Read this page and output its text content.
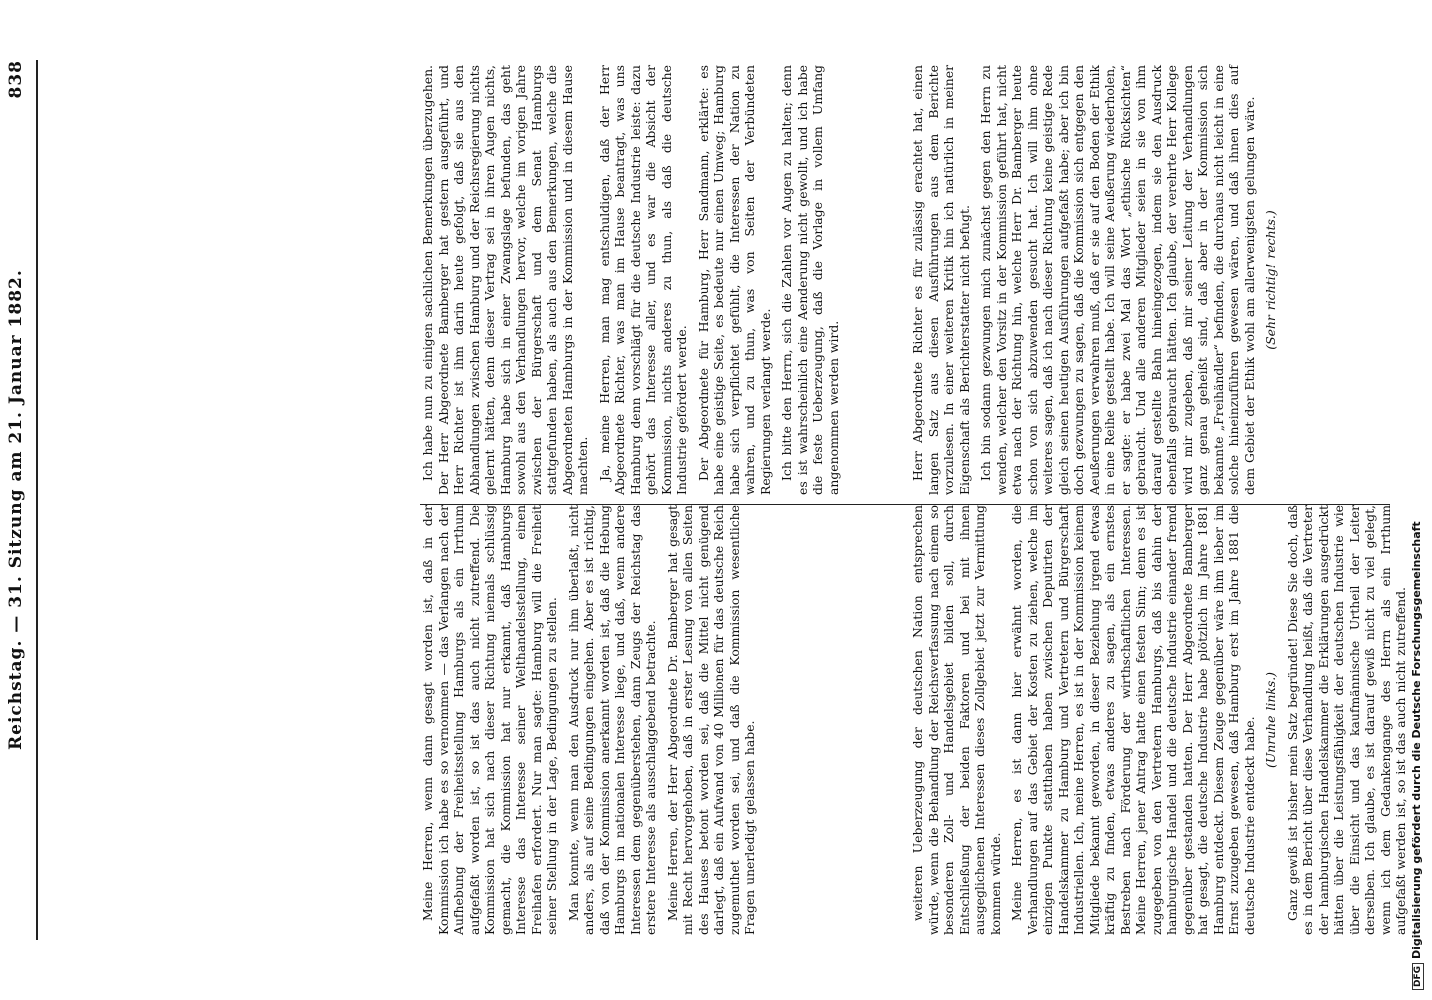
Reichstag. — 31. Sitzung am 21. Januar 1882.
838

weiteren Ueberzeugung der deutschen Nation entsprechen würde, wenn die Behandlung der Reichsverfassung nach einem so besonderen Zoll- und Handelsgebiet bilden soll, durch Entschließung der beiden Faktoren und bei mit ihnen ausgeglichenen Interessen dieses Zollgebiet jetzt zur Vermittlung kommen würde. Meine Herren, es ist dann hier erwähnt worden, die Verhandlungen auf das Gebiet der Kosten zu ziehen, welche im einzigen Punkte statthaben haben zwischen Deputirten der Handelskammer zu Hamburg und Vertretern und Bürgerschaft Industriellen. Ich, meine Herren, es ist in der Kommission keinem Mitgliede bekannt geworden, in dieser Beziehung irgend etwas kräftig zu finden, etwas anderes zu sagen, als ein ernstes Bestreben nach Förderung der wirthschaftlichen Interessen. Meine Herren, jener Antrag hatte einen festen Sinn; denn es ist zugegeben von den Vertretern Hamburgs, daß bis dahin der hamburgische Handel und die deutsche Industrie einander fremd gegenüber gestanden hatten. Der Herr Abgeordnete Bamberger hat gesagt, die deutsche Industrie habe plötzlich im Jahre 1881 Hamburg entdeckt. Diesem Zeuge gegenüber wäre ihm lieber im Ernst zuzugeben gewesen, daß Hamburg erst im Jahre 1881 die deutsche Industrie entdeckt habe. (Unruhe links.) Ganz gewiß ist bisher mein Satz begründet! Diese Sie doch, daß es in dem Bericht über diese Verhandlung heißt, daß die Vertreter der hamburgischen Handelskammer die Erklärungen ausgedrückt hätten über die Leistungsfähigkeit der deutschen Industrie wie über die Einsicht und das kaufmännische Urtheil der Leiter derselben. Ich glaube, es ist darauf gewiß nicht zu viel gelegt, wenn ich dem Gedankengange des Herrn als ein Irrthum aufgefaßt werden ist, so ist das auch nicht zutreffend.

Herr Abgeordnete Richter es für zulässig erachtet hat, einen langen Satz aus diesen Ausführungen aus dem Berichte vorzulesen. In einer weiteren Kritik hin ich natürlich in meiner Eigenschaft als Berichterstatter nicht befugt. Ich bin sodann gezwungen mich zunächst gegen den Herrn zu wenden, welcher den Vorsitz in der Kommission geführt hat, nicht etwa nach der Richtung hin, welche Herr Dr. Bamberger heute schon von sich abzuwenden gesucht hat. Ich will ihm ohne weiteres sagen, daß ich nach dieser Richtung keine geistige Rede gleich seinen heutigen Ausführungen aufgefaßt habe; aber ich bin doch gezwungen zu sagen, daß die Kommission sich entgegen den Aeußerungen verwahren muß, daß er sie auf den Boden der Ethik in eine Reihe gestellt habe. Ich will seine Aeußerung wiederholen, er sagte: er habe zwei Mal das Wort „ethische Rücksichten“ gebraucht. Und alle anderen Mitglieder seien in sie von ihm darauf gestellte Bahn hineingezogen, indem sie den Ausdruck ebenfalls gebraucht hätten. Ich glaube, der verehrte Herr Kollege wird mir zugeben, daß mir seiner Leitung der Verhandlungen ganz genau geheißt sind, daß aber in der Kommission sich bekannte „Freihändler“ befinden, die durchaus nicht leicht in eine solche hineinzuführen gewesen wären, und daß ihnen dies auf dem Gebiet der Ethik wohl am allerwenigsten gelungen wäre. (Sehr richtig! rechts.)

Meine Herren, wenn dann gesagt worden ist, daß in der Kommission ich habe es so vernommen — das Verlangen nach der Aufhebung der Freiheitsstellung Hamburgs als ein Irrthum aufgefaßt worden ist, so ist das auch nicht zutreffend. Die Kommission hat sich nach dieser Richtung niemals schlüssig gemacht, die Kommission hat nur erkannt, daß Hamburgs Interesse das Interesse seiner Welthandelsstellung, einen Freihafen erfordert. Nur man sagte: Hamburg will die Freiheit seiner Stellung in der Lage, Bedingungen zu stellen. Man konnte, wenn man den Ausdruck nur ihm überlaßt, nicht anders, als auf seine Bedingungen eingehen. Aber es ist richtig, daß von der Kommission anerkannt worden ist, daß die Hebung Hamburgs im nationalen Interesse liege, und daß, wenn andere Interessen dem gegenüberstehen, dann Zeugs der Reichstag das erstere Interesse als ausschlaggebend betrachte. Meine Herren, der Herr Abgeordnete Dr. Bamberger hat gesagt mit Recht hervorgehoben, daß in erster Lesung von allen Seiten des Hauses betont worden sei, daß die Mittel nicht genügend darlegt, daß ein Aufwand von 40 Millionen für das deutsche Reich zugemuthet worden sei, und daß die Kommission wesentliche Fragen unerledigt gelassen habe.

Ich habe nun zu einigen sachlichen Bemerkungen überzugehen. Der Herr Abgeordnete Bamberger hat gestern ausgeführt, und Herr Richter ist ihm darin heute gefolgt, daß sie aus den Abhandlungen zwischen Hamburg und der Reichsregierung nichts gelernt hätten, denn dieser Vertrag sei in ihren Augen nichts, Hamburg habe sich in einer Zwangslage befunden, das geht sowohl aus den Verhandlungen hervor, welche im vorigen Jahre zwischen der Bürgerschaft und dem Senat Hamburgs stattgefunden haben, als auch aus den Bemerkungen, welche die Abgeordneten Hamburgs in der Kommission und in diesem Hause machten. Ja, meine Herren, man mag entschuldigen, daß der Herr Abgeordnete Richter, was man im Hause beantragt, was uns Hamburg denn vorschlägt für die deutsche Industrie leiste: dazu gehört das Interesse aller, und es war die Absicht der Kommission, nichts anderes zu thun, als daß die deutsche Industrie gefördert werde. Der Abgeordnete für Hamburg, Herr Sandmann, erklärte: es habe eine geistige Seite, es bedeute nur einen Umweg; Hamburg habe sich verpflichtet gefühlt, die Interessen der Nation zu wahren, und zu thun, was von Seiten der Verbündeten Regierungen verlangt werde. Ich bitte den Herrn, sich die Zahlen vor Augen zu halten; denn es ist wahrscheinlich eine Aenderung nicht gewollt, und ich habe die feste Ueberzeugung, daß die Vorlage in vollem Umfang angenommen werden wird.

DFGDigitalisierung gefördert durch die Deutsche Forschungsgemeinschaft
